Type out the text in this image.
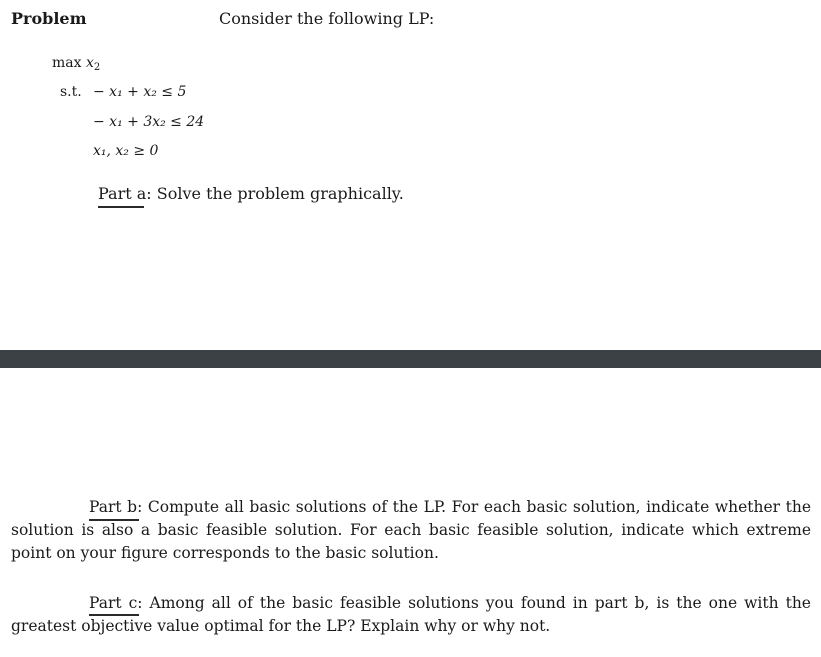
Problem	Consider the following LP:
$\max x_2$
s.t. − x₁ + x₂ ≤ 5
− x₁ + 3x₂ ≤ 24
x₁, x₂ ≥ 0
Part a: Solve the problem graphically.
Part b: Compute all basic solutions of the LP. For each basic solution, indicate whether the solution is also a basic feasible solution. For each basic feasible solution, indicate which extreme point on your figure corresponds to the basic solution.
Part c: Among all of the basic feasible solutions you found in part b, is the one with the greatest objective value optimal for the LP? Explain why or why not.
